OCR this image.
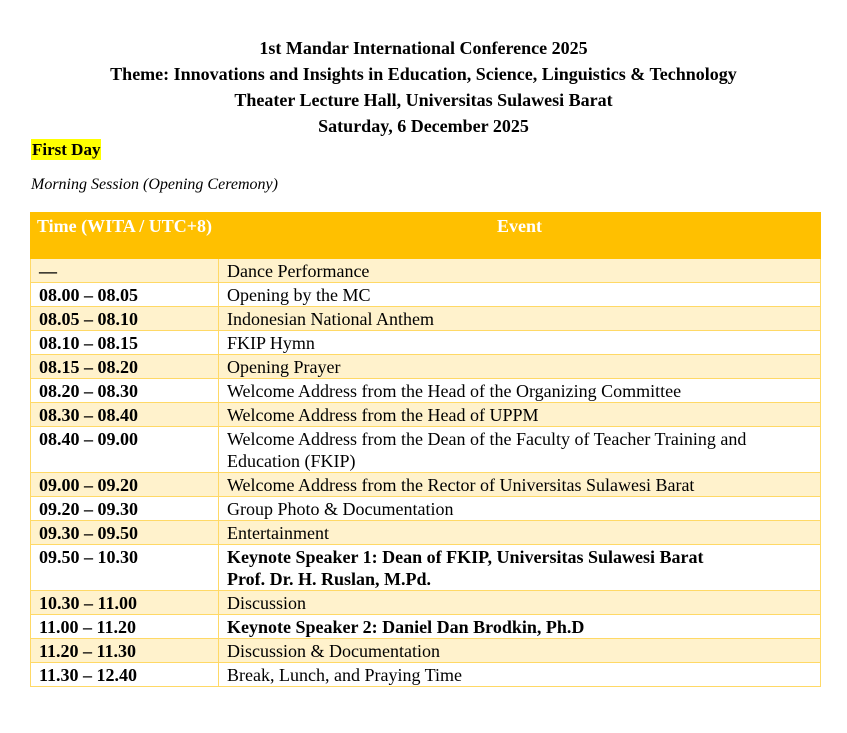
1st Mandar International Conference 2025
Theme: Innovations and Insights in Education, Science, Linguistics & Technology
Theater Lecture Hall, Universitas Sulawesi Barat
Saturday, 6 December 2025
First Day
Morning Session (Opening Ceremony)
Time (WITA / UTC+8)	Event
—	Dance Performance
08.00 – 08.05	Opening by the MC
08.05 – 08.10	Indonesian National Anthem
08.10 – 08.15	FKIP Hymn
08.15 – 08.20	Opening Prayer
08.20 – 08.30	Welcome Address from the Head of the Organizing Committee
08.30 – 08.40	Welcome Address from the Head of UPPM
08.40 – 09.00	Welcome Address from the Dean of the Faculty of Teacher Training and Education (FKIP)
09.00 – 09.20	Welcome Address from the Rector of Universitas Sulawesi Barat
09.20 – 09.30	Group Photo & Documentation
09.30 – 09.50	Entertainment
09.50 – 10.30	Keynote Speaker 1: Dean of FKIP, Universitas Sulawesi Barat
Prof. Dr. H. Ruslan, M.Pd.

10.30 – 11.00	Discussion
11.00 – 11.20	Keynote Speaker 2: Daniel Dan Brodkin, Ph.D
11.20 – 11.30	Discussion & Documentation
11.30 – 12.40	Break, Lunch, and Praying Time
